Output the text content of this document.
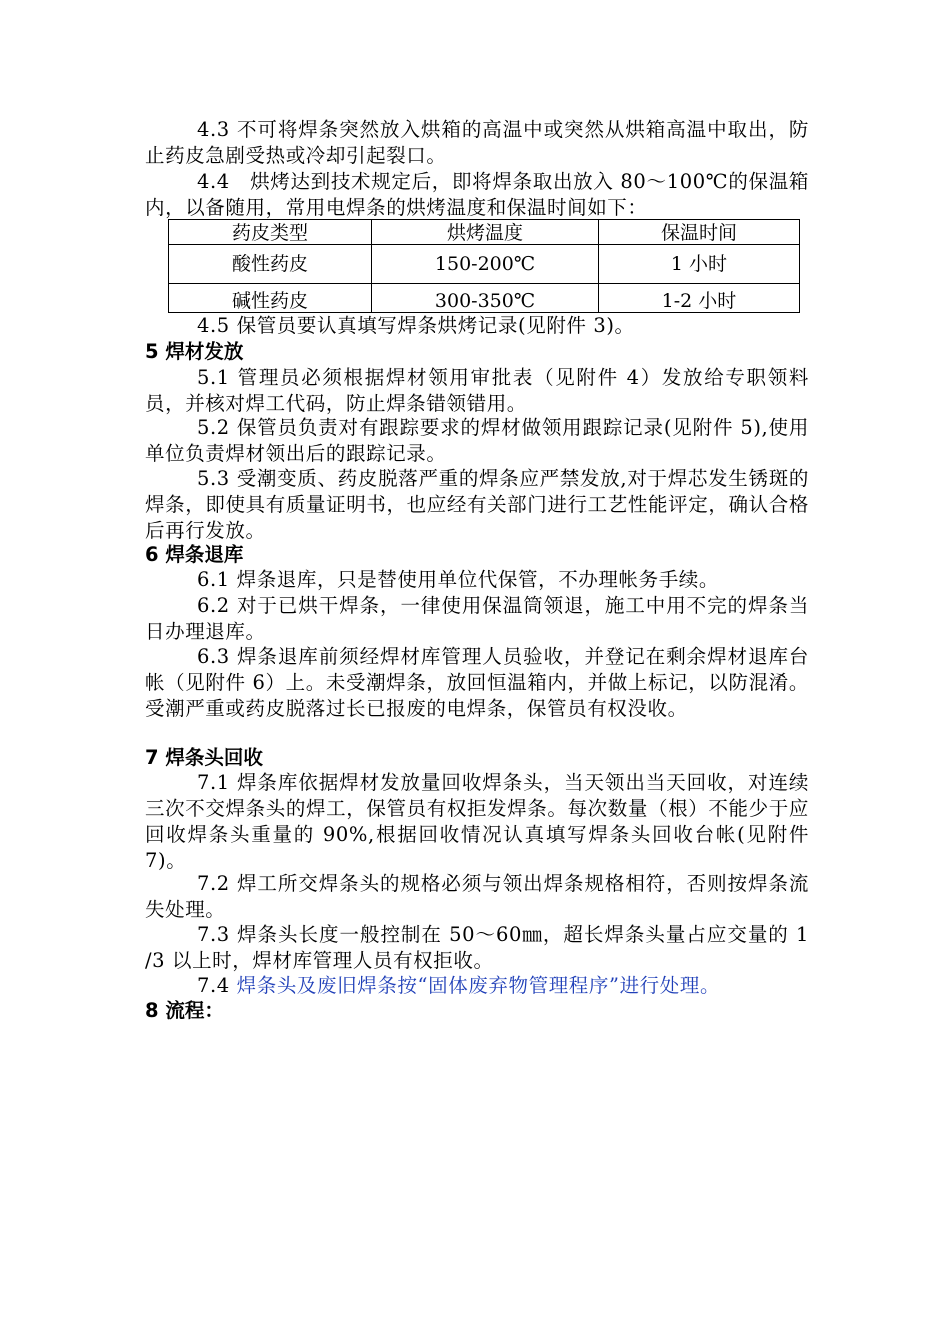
4.3 不可将焊条突然放入烘箱的高温中或突然从烘箱高温中取出，防止药皮急剧受热或冷却引起裂口。

4.4　烘烤达到技术规定后，即将焊条取出放入 80～100℃的保温箱内，以备随用，常用电焊条的烘烤温度和保温时间如下：

药皮类型	烘烤温度	保温时间
酸性药皮	150-200℃	1 小时
碱性药皮	300-350℃	1-2 小时

4.5 保管员要认真填写焊条烘烤记录(见附件 3)。

5 焊材发放

5.1 管理员必须根据焊材领用审批表（见附件 4）发放给专职领料员，并核对焊工代码，防止焊条错领错用。

5.2 保管员负责对有跟踪要求的焊材做领用跟踪记录(见附件 5),使用单位负责焊材领出后的跟踪记录。

5.3 受潮变质、药皮脱落严重的焊条应严禁发放,对于焊芯发生锈斑的焊条，即使具有质量证明书，也应经有关部门进行工艺性能评定，确认合格后再行发放。

6 焊条退库

6.1 焊条退库，只是替使用单位代保管，不办理帐务手续。

6.2 对于已烘干焊条，一律使用保温筒领退，施工中用不完的焊条当日办理退库。

6.3 焊条退库前须经焊材库管理人员验收，并登记在剩余焊材退库台帐（见附件 6）上。未受潮焊条，放回恒温箱内，并做上标记，以防混淆。受潮严重或药皮脱落过长已报废的电焊条，保管员有权没收。

7 焊条头回收

7.1 焊条库依据焊材发放量回收焊条头，当天领出当天回收，对连续三次不交焊条头的焊工，保管员有权拒发焊条。每次数量（根）不能少于应回收焊条头重量的 90%,根据回收情况认真填写焊条头回收台帐(见附件 7)。

7.2 焊工所交焊条头的规格必须与领出焊条规格相符，否则按焊条流失处理。

7.3 焊条头长度一般控制在 50～60㎜，超长焊条头量占应交量的 1 /3 以上时，焊材库管理人员有权拒收。

7.4 焊条头及废旧焊条按“固体废弃物管理程序”进行处理。

8 流程：
